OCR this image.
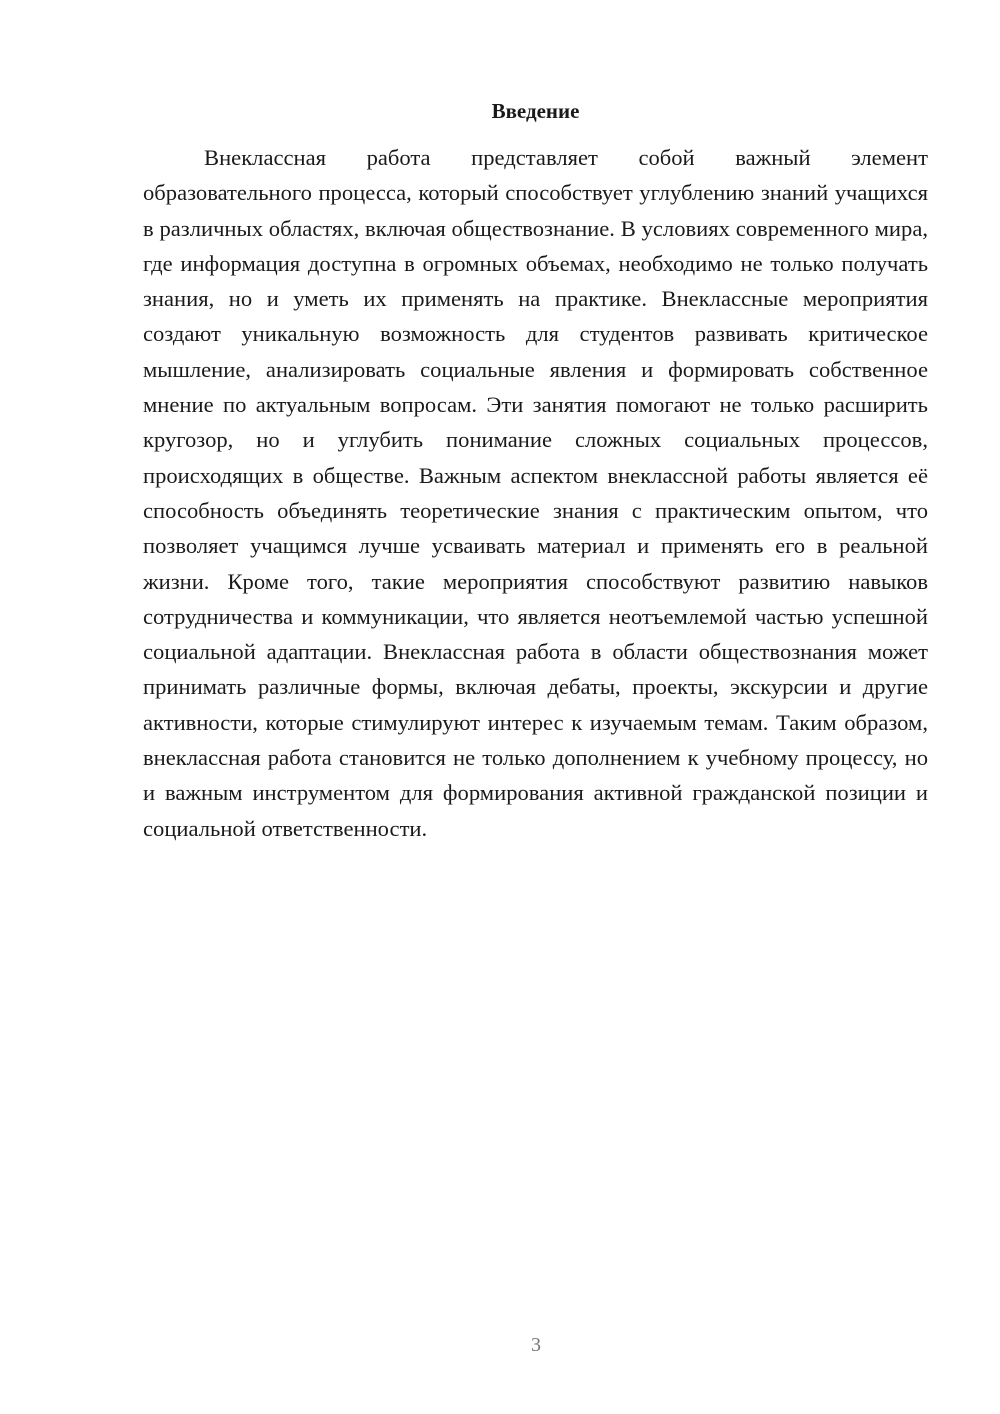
Введение

Внеклассная работа представляет собой важный элемент образовательного процесса, который способствует углублению знаний учащихся в различных областях, включая обществознание. В условиях современного мира, где информация доступна в огромных объемах, необходимо не только получать знания, но и уметь их применять на практике. Внеклассные мероприятия создают уникальную возможность для студентов развивать критическое мышление, анализировать социальные явления и формировать собственное мнение по актуальным вопросам. Эти занятия помогают не только расширить кругозор, но и углубить понимание сложных социальных процессов, происходящих в обществе. Важным аспектом внеклассной работы является её способность объединять теоретические знания с практическим опытом, что позволяет учащимся лучше усваивать материал и применять его в реальной жизни. Кроме того, такие мероприятия способствуют развитию навыков сотрудничества и коммуникации, что является неотъемлемой частью успешной социальной адаптации. Внеклассная работа в области обществознания может принимать различные формы, включая дебаты, проекты, экскурсии и другие активности, которые стимулируют интерес к изучаемым темам. Таким образом, внеклассная работа становится не только дополнением к учебному процессу, но и важным инструментом для формирования активной гражданской позиции и социальной ответственности.

3
